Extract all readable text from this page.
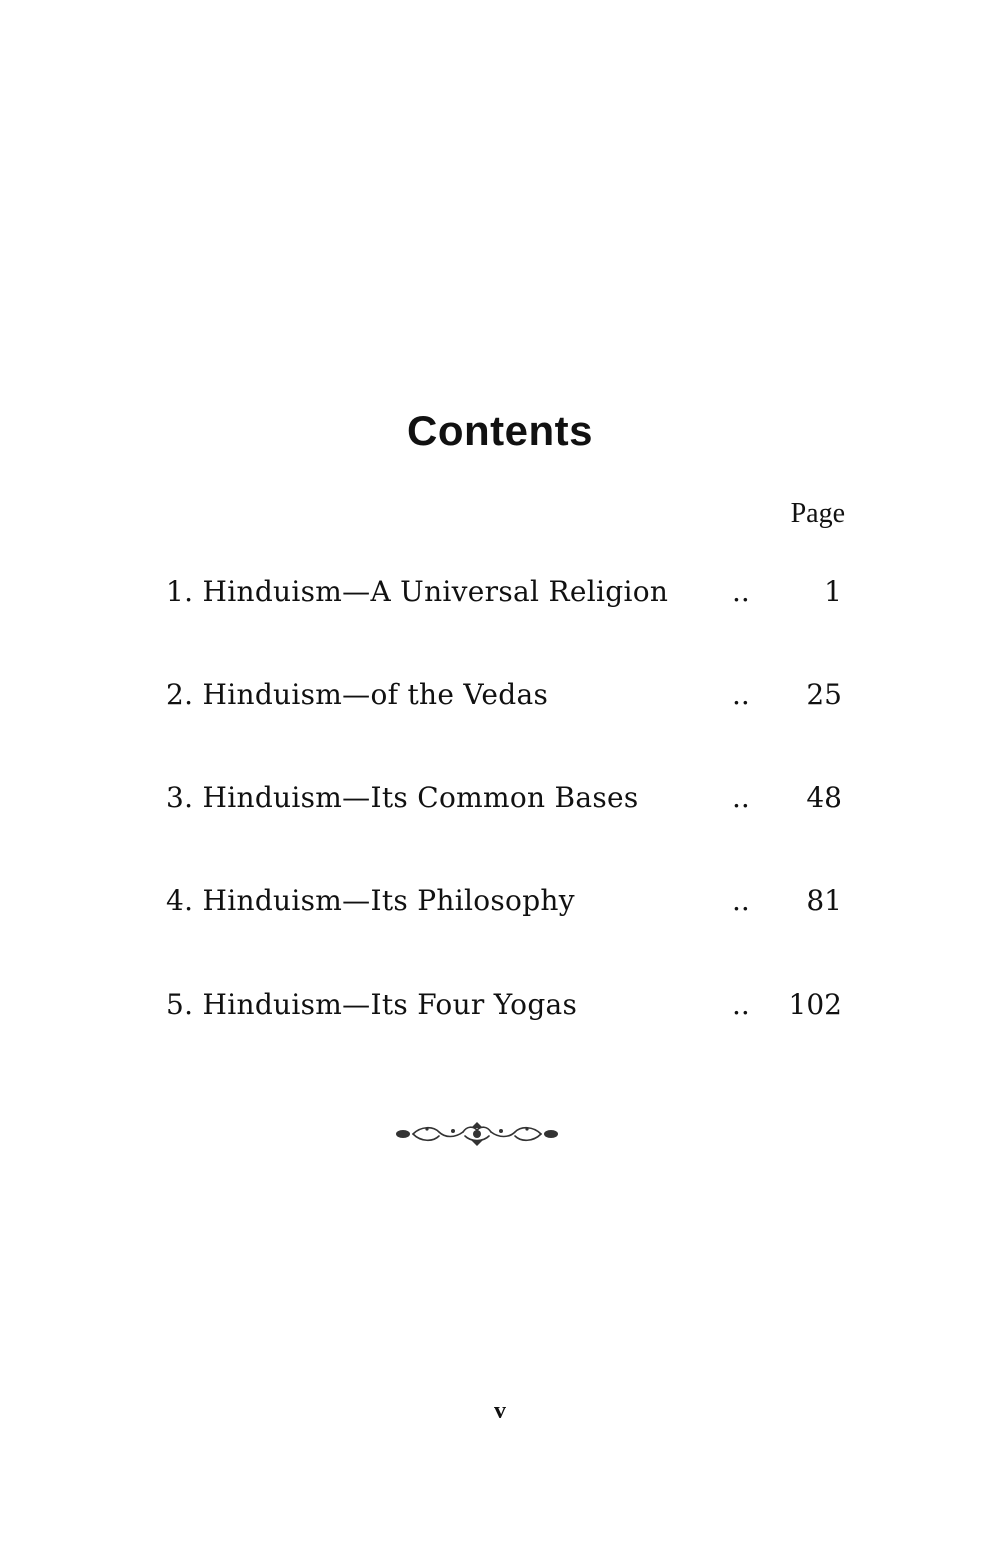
Contents
Page
1. Hinduism—A Universal Religion ..	1
2. Hinduism—of the Vedas	.. 25
3. Hinduism—Its Common Bases	.. 48
4. Hinduism—Its Philosophy	.. 81
5. Hinduism—Its Four Yogas	.. 102
v
